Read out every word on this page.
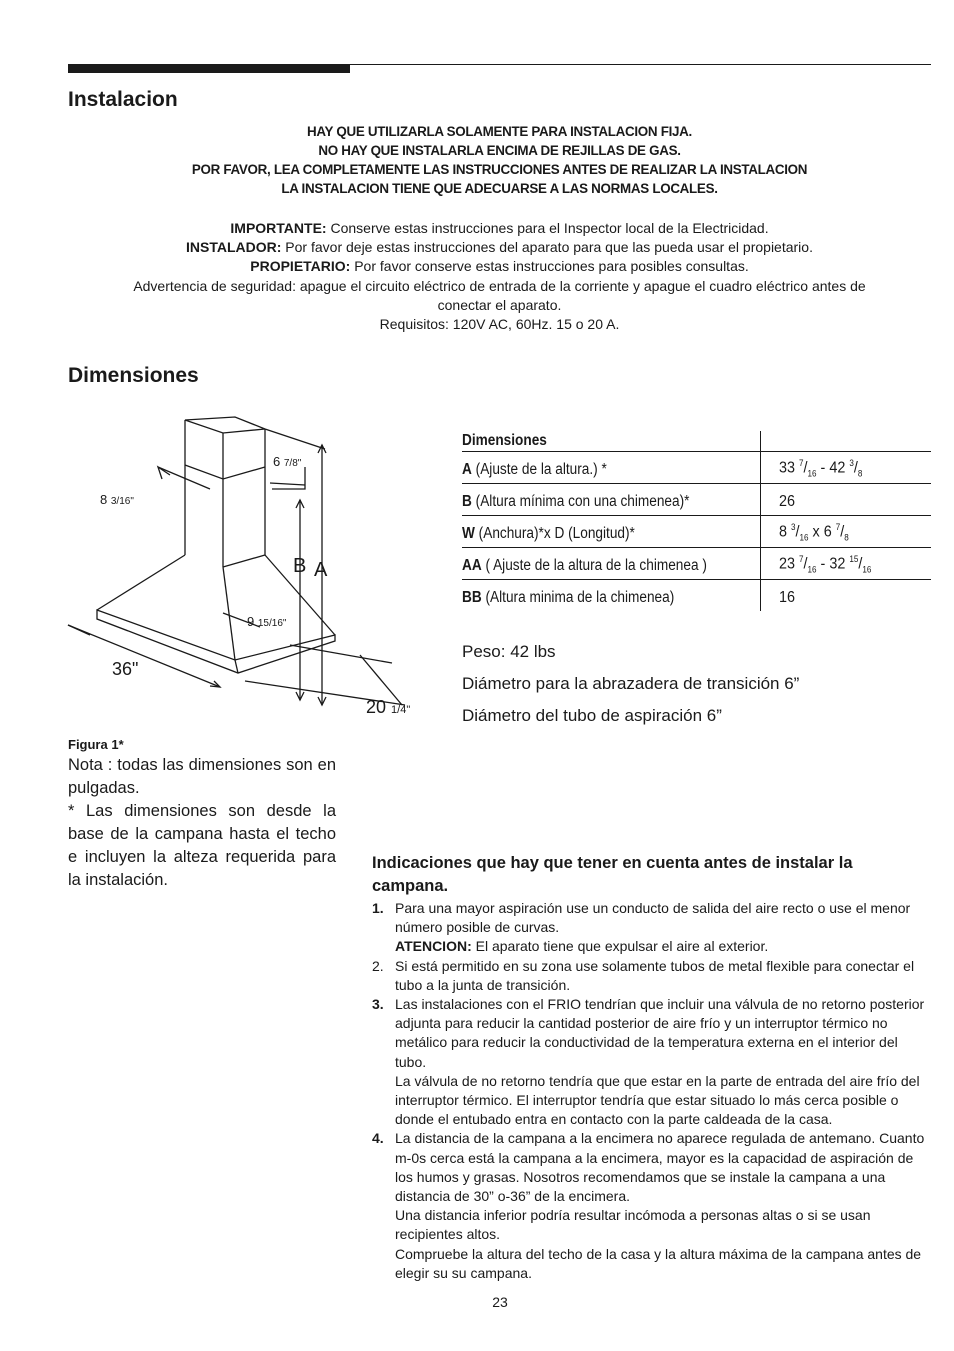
Instalacion

HAY QUE UTILIZARLA SOLAMENTE PARA INSTALACION FIJA.

NO HAY QUE INSTALARLA ENCIMA DE REJILLAS DE GAS.

POR FAVOR, LEA COMPLETAMENTE LAS INSTRUCCIONES ANTES DE REALIZAR LA INSTALACION

LA INSTALACION TIENE QUE ADECUARSE A LAS NORMAS LOCALES.

IMPORTANTE: Conserve estas instrucciones para el Inspector local de la Electricidad.

INSTALADOR: Por favor deje estas instrucciones del aparato para que las pueda usar el propietario.

PROPIETARIO: Por favor conserve estas instrucciones para posibles consultas.

Advertencia de seguridad: apague el circuito eléctrico de entrada de la corriente y apague el cuadro eléctrico antes de

conectar el aparato.

Requisitos: 120V AC, 60Hz. 15 o 20 A.

Dimensiones
6 7/8"
8 3/16"
9 15/16"
36"
20 1/4"
B A
Figura 1*
Dimensiones
A (Ajuste de la altura.) *	33 $^7/_{16} - 42$ $^3/_8$
B (Altura mínima con una chimenea)*	26
W (Anchura)*x D (Longitud)*	8 $^3/_{16}$ x 6 $^7/_8$
AA ( Ajuste de la altura de la chimenea )	23 $^7/_{16} - 32$ $^{15}/_{16}$
BB (Altura minima de la chimenea)	16

Peso: 42 lbs

Diámetro para la abrazadera de transición 6”

Diámetro del tubo de aspiración 6”

Nota : todas las dimensiones son en pulgadas.

* Las dimensiones son desde la base de la campana hasta el techo e incluyen la alteza requerida para la instalación.

Indicaciones que hay que tener en cuenta antes de instalar la campana.
1. Para una mayor aspiración use un conducto de salida del aire recto o use el menor número posible de curvas.

ATENCION: El aparato tiene que expulsar el aire al exterior.

2. Si está permitido en su zona use solamente tubos de metal flexible para conectar el tubo a la junta de transición.

3. Las instalaciones con el FRIO tendrían que incluir una válvula de no retorno posterior adjunta para reducir la cantidad posterior de aire frío y un interruptor térmico no metálico para reducir la conductividad de la temperatura externa en el interior del tubo.

La válvula de no retorno tendría que que estar en la parte de entrada del aire frío del interruptor térmico. El interruptor tendría que estar situado lo más cerca posible o donde el entubado entra en contacto con la parte caldeada de la casa.

4. La distancia de la campana a la encimera no aparece regulada de antemano. Cuanto m-0s cerca está la campana a la encimera, mayor es la capacidad de aspiración de los humos y grasas. Nosotros recomendamos que se instale la campana a una distancia de 30” o-36” de la encimera.

Una distancia inferior podría resultar incómoda a personas altas o si se usan recipientes altos.

Compruebe la altura del techo de la casa y la altura máxima de la campana antes de elegir su su campana.

23
